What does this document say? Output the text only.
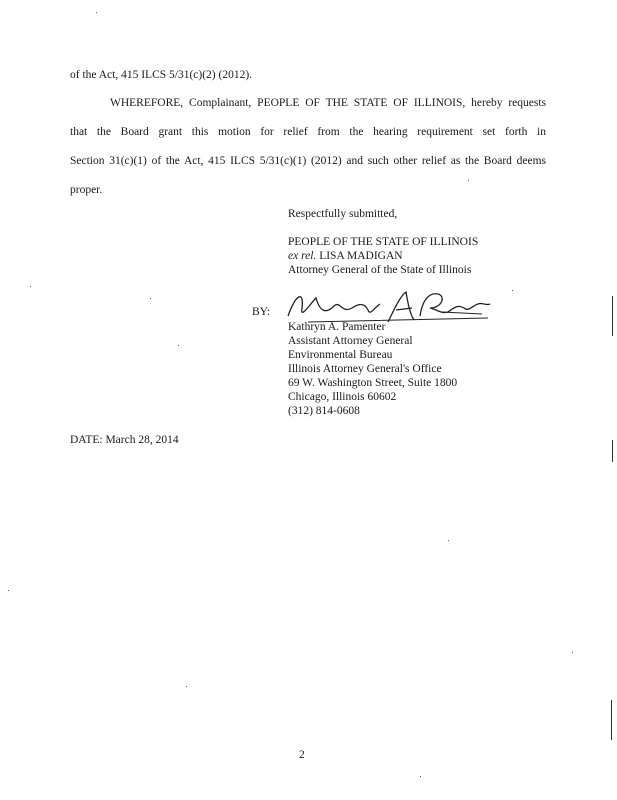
of the Act, 415 ILCS 5/31(c)(2) (2012).
WHEREFORE, Complainant, PEOPLE OF THE STATE OF ILLINOIS, hereby requests
that the Board grant this motion for relief from the hearing requirement set forth in
Section 31(c)(1) of the Act, 415 ILCS 5/31(c)(1) (2012) and such other relief as the Board deems
proper.
Respectfully submitted,
PEOPLE OF THE STATE OF ILLINOIS
ex rel. LISA MADIGAN
Attorney General of the State of Illinois
BY:
Kathryn A. Pamenter
Assistant Attorney General
Environmental Bureau
Illinois Attorney General's Office
69 W. Washington Street, Suite 1800
Chicago, Illinois 60602
(312) 814-0608
DATE: March 28, 2014
2
